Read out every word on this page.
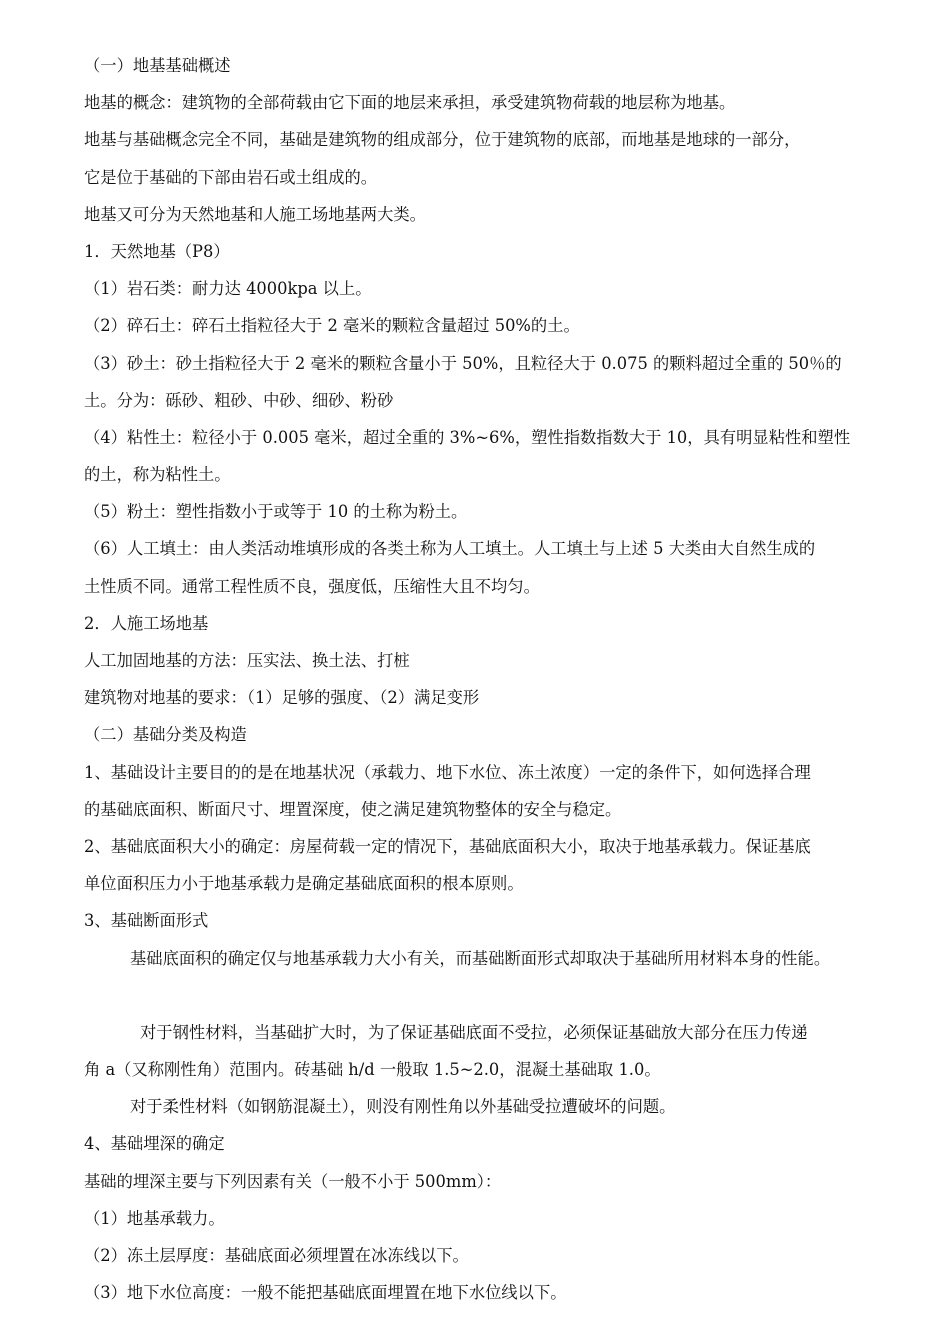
（一）地基基础概述
地基的概念：建筑物的全部荷载由它下面的地层来承担，承受建筑物荷载的地层称为地基。
地基与基础概念完全不同，基础是建筑物的组成部分，位于建筑物的底部，而地基是地球的一部分，
它是位于基础的下部由岩石或土组成的。
地基又可分为天然地基和人施工场地基两大类。
1．天然地基（P8）
（1）岩石类：耐力达 4000kpa 以上。
（2）碎石土：碎石土指粒径大于 2 毫米的颗粒含量超过 50%的土。
（3）砂土：砂土指粒径大于 2 毫米的颗粒含量小于 50%，且粒径大于 0.075 的颗料超过全重的 50％的
土。分为：砾砂、粗砂、中砂、细砂、粉砂
（4）粘性土：粒径小于 0.005 毫米，超过全重的 3%~6%，塑性指数指数大于 10，具有明显粘性和塑性
的土，称为粘性土。
（5）粉土：塑性指数小于或等于 10 的土称为粉土。
（6）人工填土：由人类活动堆填形成的各类土称为人工填土。人工填土与上述 5 大类由大自然生成的
土性质不同。通常工程性质不良，强度低，压缩性大且不均匀。
2．人施工场地基
人工加固地基的方法：压实法、换土法、打桩
建筑物对地基的要求：（1）足够的强度、（2）满足变形
（二）基础分类及构造
1、基础设计主要目的的是在地基状况（承载力、地下水位、冻土浓度）一定的条件下，如何选择合理
的基础底面积、断面尺寸、埋置深度，使之满足建筑物整体的安全与稳定。
2、基础底面积大小的确定：房屋荷载一定的情况下，基础底面积大小，取决于地基承载力。保证基底
单位面积压力小于地基承载力是确定基础底面积的根本原则。
3、基础断面形式
基础底面积的确定仅与地基承载力大小有关，而基础断面形式却取决于基础所用材料本身的性能。
对于钢性材料，当基础扩大时，为了保证基础底面不受拉，必须保证基础放大部分在压力传递
角 a（又称刚性角）范围内。砖基础 h/d 一般取 1.5~2.0，混凝土基础取 1.0。
对于柔性材料（如钢筋混凝土），则没有刚性角以外基础受拉遭破坏的问题。
4、基础埋深的确定
基础的埋深主要与下列因素有关（一般不小于 500mm）：
（1）地基承载力。
（2）冻土层厚度：基础底面必须埋置在冰冻线以下。
（3）地下水位高度：一般不能把基础底面埋置在地下水位线以下。
